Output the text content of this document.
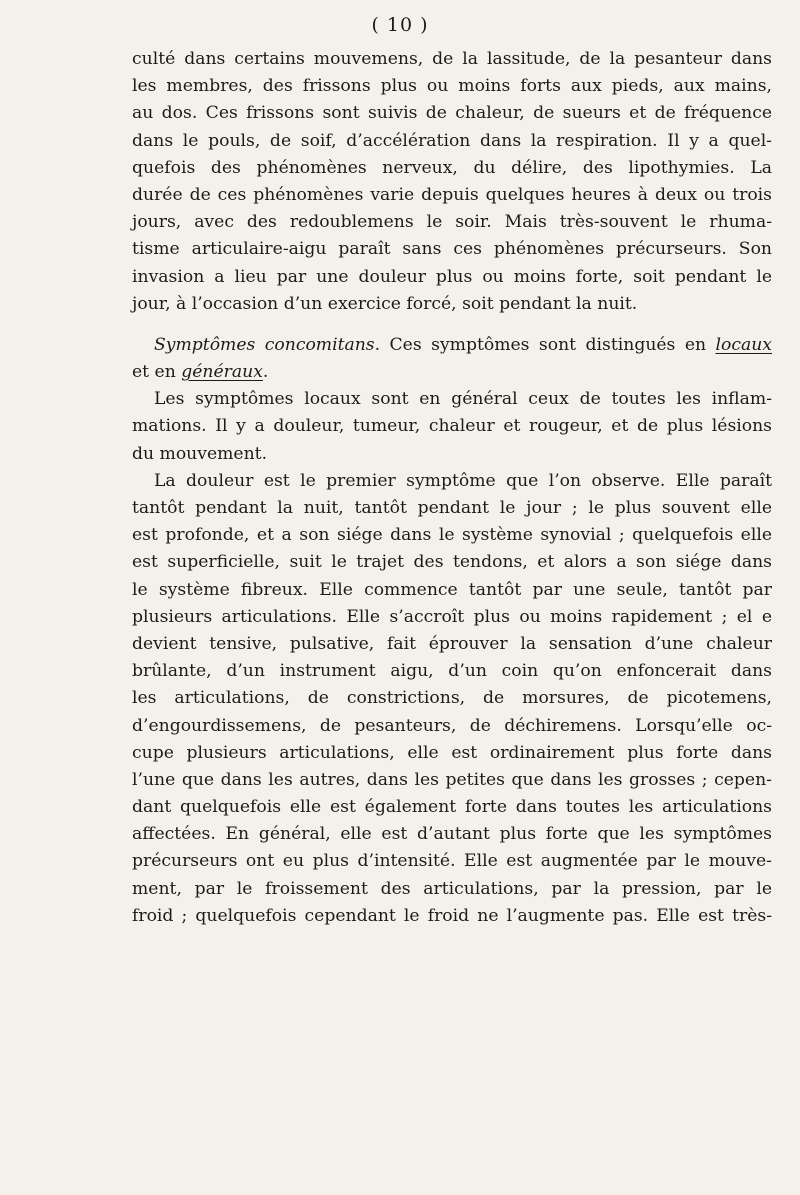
( 10 )
culté dans certains mouvemens, de la lassitude, de la pesanteur dans
les membres, des frissons plus ou moins forts aux pieds, aux mains,
au dos. Ces frissons sont suivis de chaleur, de sueurs et de fréquence
dans le pouls, de soif, d’accélération dans la respiration. Il y a quel-
quefois des phénomènes nerveux, du délire, des lipothymies. La
durée de ces phénomènes varie depuis quelques heures à deux ou trois
jours, avec des redoublemens le soir. Mais très-souvent le rhuma-
tisme articulaire-aigu paraît sans ces phénomènes précurseurs. Son
invasion a lieu par une douleur plus ou moins forte, soit pendant le
jour, à l’occasion d’un exercice forcé, soit pendant la nuit.
Symptômes concomitans. Ces symptômes sont distingués en locaux
et en généraux.
Les symptômes locaux sont en général ceux de toutes les inflam-
mations. Il y a douleur, tumeur, chaleur et rougeur, et de plus lésions
du mouvement.
La douleur est le premier symptôme que l’on observe. Elle paraît
tantôt pendant la nuit, tantôt pendant le jour ; le plus souvent elle
est profonde, et a son siége dans le système synovial ; quelquefois elle
est superficielle, suit le trajet des tendons, et alors a son siége dans
le système fibreux. Elle commence tantôt par une seule, tantôt par
plusieurs articulations. Elle s’accroît plus ou moins rapidement ; el e
devient tensive, pulsative, fait éprouver la sensation d’une chaleur
brûlante, d’un instrument aigu, d’un coin qu’on enfoncerait dans
les articulations, de constrictions, de morsures, de picotemens,
d’engourdissemens, de pesanteurs, de déchiremens. Lorsqu’elle oc-
cupe plusieurs articulations, elle est ordinairement plus forte dans
l’une que dans les autres, dans les petites que dans les grosses ; cepen-
dant quelquefois elle est également forte dans toutes les articulations
affectées. En général, elle est d’autant plus forte que les symptômes
précurseurs ont eu plus d’intensité. Elle est augmentée par le mouve-
ment, par le froissement des articulations, par la pression, par le
froid ; quelquefois cependant le froid ne l’augmente pas. Elle est très-
